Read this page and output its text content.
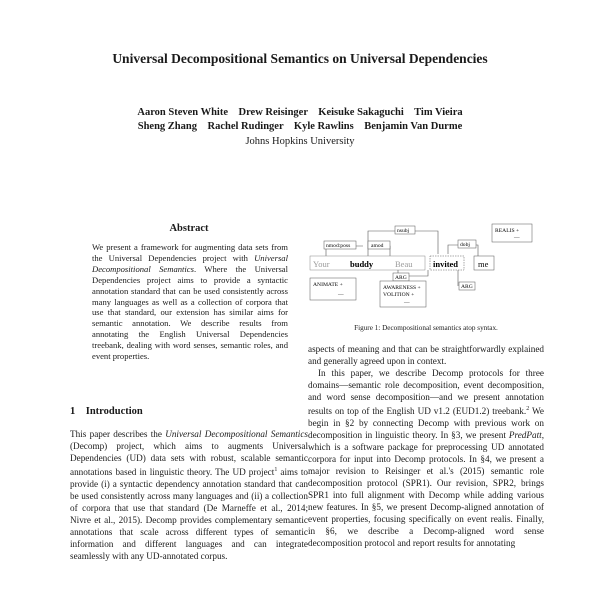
Universal Decompositional Semantics on Universal Dependencies
Aaron Steven White    Drew Reisinger    Keisuke Sakaguchi    Tim Vieira
Sheng Zhang    Rachel Rudinger    Kyle Rawlins    Benjamin Van Durme
Johns Hopkins University
Abstract
We present a framework for augmenting data sets from the Universal Dependencies project with Universal Decompositional Semantics. Where the Universal Dependencies project aims to provide a syntactic annotation standard that can be used consistently across many languages as well as a collection of corpora that use that standard, our extension has similar aims for semantic annotation. We describe results from annotating the English Universal Dependencies treebank, dealing with word senses, semantic roles, and event properties.
1    Introduction
This paper describes the Universal Decompositional Semantics (Decomp) project, which aims to augments Universal Dependencies (UD) data sets with robust, scalable semantic annotations based in linguistic theory. The UD project$^1$ aims to provide (i) a syntactic dependency annotation standard that can be used consistently across many languages and (ii) a collection of corpora that use that standard (De Marneffe et al., 2014; Nivre et al., 2015). Decomp provides complementary semantic annotations that scale across different types of semantic information and different languages and can integrate seamlessly with any UD-annotated corpus.
nsubj
nmod:poss	amod	dobj
REALIS +
—
Your buddy	Beau invited me
ARG
ARG
ANIMATE +
—
AWARENESS +
VOLITION +
—
Figure 1: Decompositional semantics atop syntax.

aspects of meaning and that can be straightforwardly explained and generally agreed upon in context.

In this paper, we describe Decomp protocols for three domains—semantic role decomposition, event decomposition, and word sense decomposition—and we present annotation results on top of the English UD v1.2 (EUD1.2) treebank.$^2$ We begin in §2 by connecting Decomp with previous work on decomposition in linguistic theory. In §3, we present PredPatt, which is a software package for preprocessing UD annotated corpora for input into Decomp protocols. In §4, we present a major revision to Reisinger et al.'s (2015) semantic role decomposition protocol (SPR1). Our revision, SPR2, brings SPR1 into full alignment with Decomp while adding various new features. In §5, we present Decomp-aligned annotation of event properties, focusing specifically on event realis. Finally, in §6, we describe a Decomp-aligned word sense decomposition protocol and report results for annotating
